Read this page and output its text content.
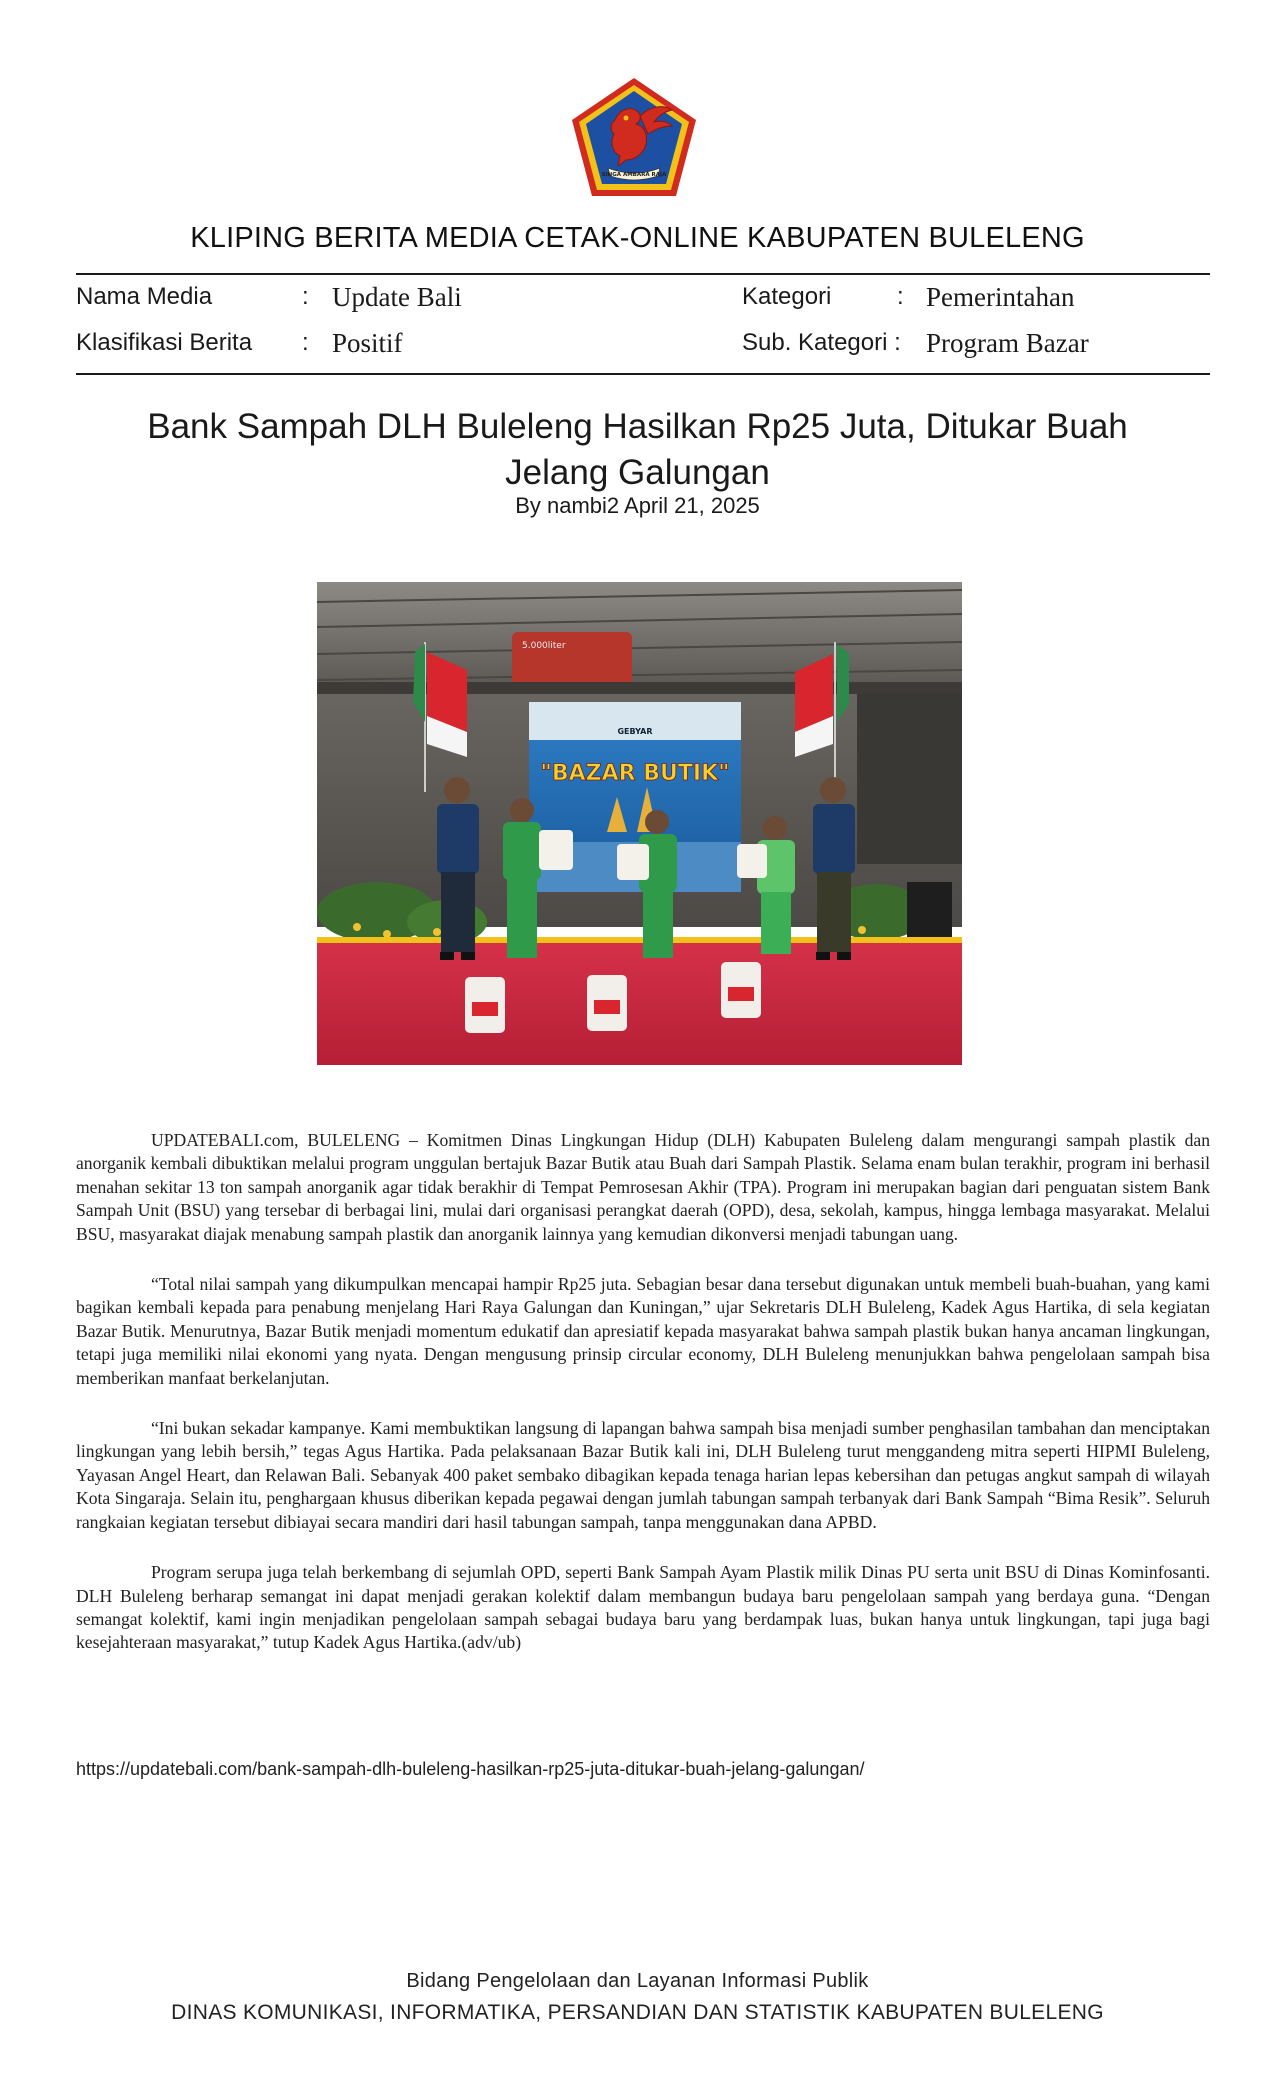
SINGA AMBARA RAJA
KLIPING BERITA MEDIA CETAK-ONLINE KABUPATEN BULELENG
Nama Media	: Update Bali	Kategori	: Pemerintahan
Klasifikasi Berita : Positif	Sub. Kategori : Program Bazar
Bank Sampah DLH Buleleng Hasilkan Rp25 Juta, Ditukar Buah Jelang Galungan
By nambi2 April 21, 2025
5.000liter
GEBYAR
"BAZAR BUTIK"

UPDATEBALI.com, BULELENG – Komitmen Dinas Lingkungan Hidup (DLH) Kabupaten Buleleng dalam mengurangi sampah plastik dan anorganik kembali dibuktikan melalui program unggulan bertajuk Bazar Butik atau Buah dari Sampah Plastik. Selama enam bulan terakhir, program ini berhasil menahan sekitar 13 ton sampah anorganik agar tidak berakhir di Tempat Pemrosesan Akhir (TPA). Program ini merupakan bagian dari penguatan sistem Bank Sampah Unit (BSU) yang tersebar di berbagai lini, mulai dari organisasi perangkat daerah (OPD), desa, sekolah, kampus, hingga lembaga masyarakat. Melalui BSU, masyarakat diajak menabung sampah plastik dan anorganik lainnya yang kemudian dikonversi menjadi tabungan uang.

“Total nilai sampah yang dikumpulkan mencapai hampir Rp25 juta. Sebagian besar dana tersebut digunakan untuk membeli buah-buahan, yang kami bagikan kembali kepada para penabung menjelang Hari Raya Galungan dan Kuningan,” ujar Sekretaris DLH Buleleng, Kadek Agus Hartika, di sela kegiatan Bazar Butik. Menurutnya, Bazar Butik menjadi momentum edukatif dan apresiatif kepada masyarakat bahwa sampah plastik bukan hanya ancaman lingkungan, tetapi juga memiliki nilai ekonomi yang nyata. Dengan mengusung prinsip circular economy, DLH Buleleng menunjukkan bahwa pengelolaan sampah bisa memberikan manfaat berkelanjutan.

“Ini bukan sekadar kampanye. Kami membuktikan langsung di lapangan bahwa sampah bisa menjadi sumber penghasilan tambahan dan menciptakan lingkungan yang lebih bersih,” tegas Agus Hartika. Pada pelaksanaan Bazar Butik kali ini, DLH Buleleng turut menggandeng mitra seperti HIPMI Buleleng, Yayasan Angel Heart, dan Relawan Bali. Sebanyak 400 paket sembako dibagikan kepada tenaga harian lepas kebersihan dan petugas angkut sampah di wilayah Kota Singaraja. Selain itu, penghargaan khusus diberikan kepada pegawai dengan jumlah tabungan sampah terbanyak dari Bank Sampah “Bima Resik”. Seluruh rangkaian kegiatan tersebut dibiayai secara mandiri dari hasil tabungan sampah, tanpa menggunakan dana APBD.

Program serupa juga telah berkembang di sejumlah OPD, seperti Bank Sampah Ayam Plastik milik Dinas PU serta unit BSU di Dinas Kominfosanti. DLH Buleleng berharap semangat ini dapat menjadi gerakan kolektif dalam membangun budaya baru pengelolaan sampah yang berdaya guna. “Dengan semangat kolektif, kami ingin menjadikan pengelolaan sampah sebagai budaya baru yang berdampak luas, bukan hanya untuk lingkungan, tapi juga bagi kesejahteraan masyarakat,” tutup Kadek Agus Hartika.(adv/ub)

https://updatebali.com/bank-sampah-dlh-buleleng-hasilkan-rp25-juta-ditukar-buah-jelang-galungan/
Bidang Pengelolaan dan Layanan Informasi Publik
DINAS KOMUNIKASI, INFORMATIKA, PERSANDIAN DAN STATISTIK KABUPATEN BULELENG
